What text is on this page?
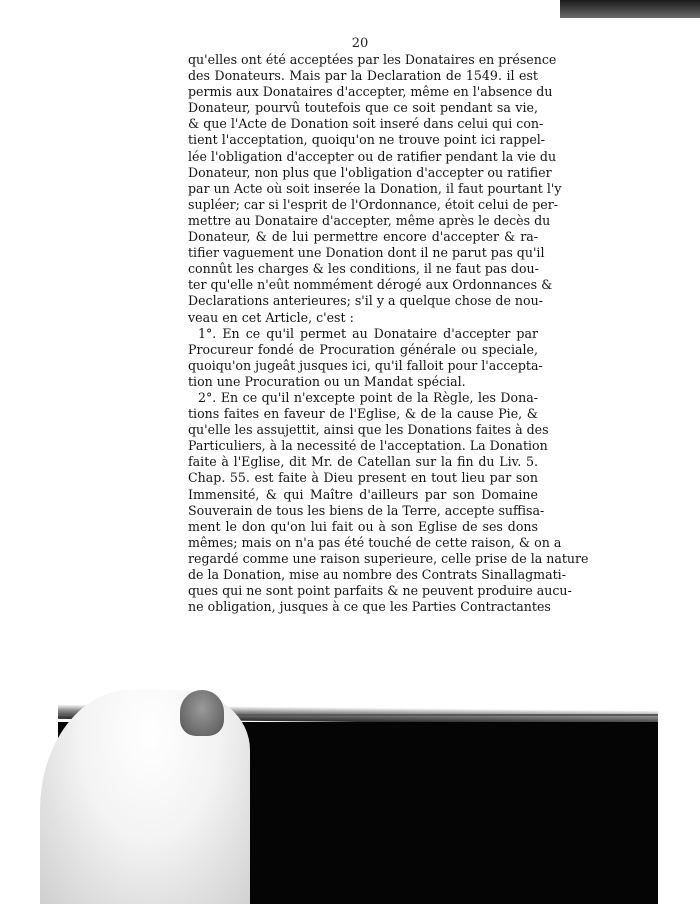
20
qu'elles ont été acceptées par les Donataires en présence
des Donateurs. Mais par la Declaration de 1549. il est
permis aux Donataires d'accepter, même en l'absence du
Donateur, pourvû toutefois que ce soit pendant sa vie,
& que l'Acte de Donation soit inseré dans celui qui con-
tient l'acceptation, quoiqu'on ne trouve point ici rappel-
lée l'obligation d'accepter ou de ratifier pendant la vie du
Donateur, non plus que l'obligation d'accepter ou ratifier
par un Acte où soit inserée la Donation, il faut pourtant l'y
supléer; car si l'esprit de l'Ordonnance, étoit celui de per-
mettre au Donataire d'accepter, même après le decès du
Donateur, & de lui permettre encore d'accepter & ra-
tifier vaguement une Donation dont il ne parut pas qu'il
connût les charges & les conditions, il ne faut pas dou-
ter qu'elle n'eût nommément dérogé aux Ordonnances &
Declarations anterieures; s'il y a quelque chose de nou-
veau en cet Article, c'est :
1°. En ce qu'il permet au Donataire d'accepter par
Procureur fondé de Procuration générale ou speciale,
quoiqu'on jugeât jusques ici, qu'il falloit pour l'accepta-
tion une Procuration ou un Mandat spécial.
2°. En ce qu'il n'excepte point de la Règle, les Dona-
tions faites en faveur de l'Eglise, & de la cause Pie, &
qu'elle les assujettit, ainsi que les Donations faites à des
Particuliers, à la necessité de l'acceptation. La Donation
faite à l'Eglise, dit Mr. de Catellan sur la fin du Liv. 5.
Chap. 55. est faite à Dieu present en tout lieu par son
Immensité, & qui Maître d'ailleurs par son Domaine
Souverain de tous les biens de la Terre, accepte suffisa-
ment le don qu'on lui fait ou à son Eglise de ses dons
mêmes; mais on n'a pas été touché de cette raison, & on a
regardé comme une raison superieure, celle prise de la nature
de la Donation, mise au nombre des Contrats Sinallagmati-
ques qui ne sont point parfaits & ne peuvent produire aucu-
ne obligation, jusques à ce que les Parties Contractantes
